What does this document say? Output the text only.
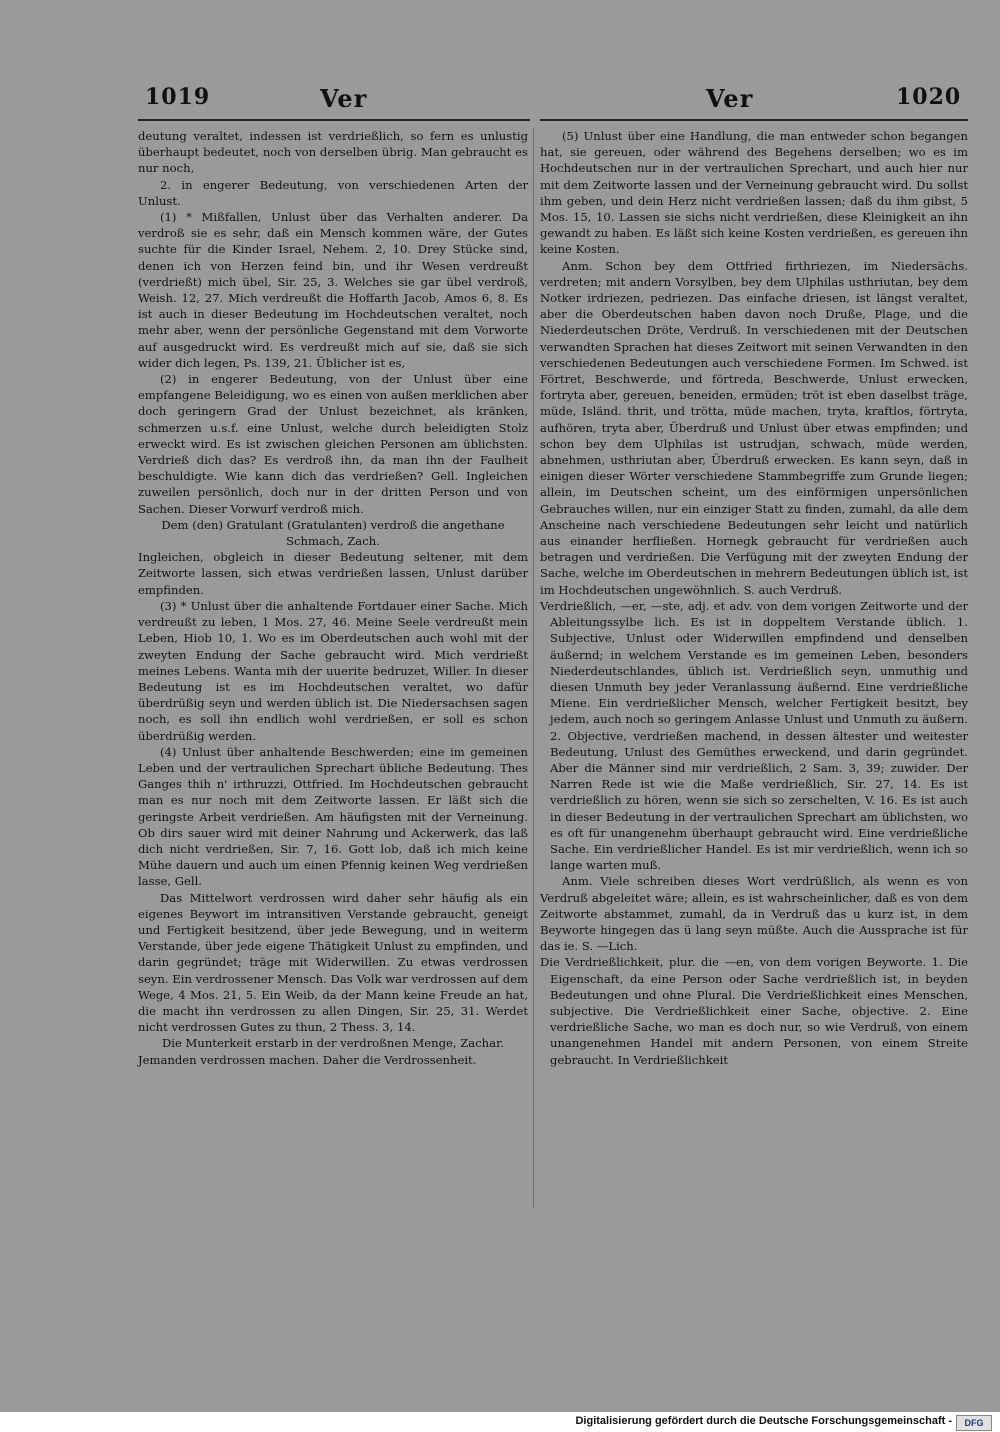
1019	Ver	Ver	1020

deutung veraltet, indessen ist verdrießlich, so fern es unlustig überhaupt bedeutet, noch von derselben übrig. Man gebraucht es nur noch,

2. in engerer Bedeutung, von verschiedenen Arten der Unlust.

(1) * Mißfallen, Unlust über das Verhalten anderer. Da verdroß sie es sehr, daß ein Mensch kommen wäre, der Gutes suchte für die Kinder Israel, Nehem. 2, 10. Drey Stücke sind, denen ich von Herzen feind bin, und ihr Wesen verdreußt (verdrießt) mich übel, Sir. 25, 3. Welches sie gar übel verdroß, Weish. 12, 27. Mich verdreußt die Hoffarth Jacob, Amos 6, 8. Es ist auch in dieser Bedeutung im Hochdeutschen veraltet, noch mehr aber, wenn der persönliche Gegenstand mit dem Vorworte auf ausgedruckt wird. Es verdreußt mich auf sie, daß sie sich wider dich legen, Ps. 139, 21. Üblicher ist es,

(2) in engerer Bedeutung, von der Unlust über eine empfangene Beleidigung, wo es einen von außen merklichen aber doch geringern Grad der Unlust bezeichnet, als kränken, schmerzen u.s.f. eine Unlust, welche durch beleidigten Stolz erweckt wird. Es ist zwischen gleichen Personen am üblichsten. Verdrieß dich das? Es verdroß ihn, da man ihn der Faulheit beschuldigte. Wie kann dich das verdrießen? Gell. Ingleichen zuweilen persönlich, doch nur in der dritten Person und von Sachen. Dieser Vorwurf verdroß mich.

Dem (den) Gratulant (Gratulanten) verdroß die angethane Schmach, Zach.

Ingleichen, obgleich in dieser Bedeutung seltener, mit dem Zeitworte lassen, sich etwas verdrießen lassen, Unlust darüber empfinden.

(3) * Unlust über die anhaltende Fortdauer einer Sache. Mich verdreußt zu leben, 1 Mos. 27, 46. Meine Seele verdreußt mein Leben, Hiob 10, 1. Wo es im Oberdeutschen auch wohl mit der zweyten Endung der Sache gebraucht wird. Mich verdrießt meines Lebens. Wanta mih der uuerite bedruzet, Willer. In dieser Bedeutung ist es im Hochdeutschen veraltet, wo dafür überdrüßig seyn und werden üblich ist. Die Niedersachsen sagen noch, es soll ihn endlich wohl verdrießen, er soll es schon überdrüßig werden.

(4) Unlust über anhaltende Beschwerden; eine im gemeinen Leben und der vertraulichen Sprechart übliche Bedeutung. Thes Ganges thih n' irthruzzi, Ottfried. Im Hochdeutschen gebraucht man es nur noch mit dem Zeitworte lassen. Er läßt sich die geringste Arbeit verdrießen. Am häufigsten mit der Verneinung. Ob dirs sauer wird mit deiner Nahrung und Ackerwerk, das laß dich nicht verdrießen, Sir. 7, 16. Gott lob, daß ich mich keine Mühe dauern und auch um einen Pfennig keinen Weg verdrießen lasse, Gell.

Das Mittelwort verdrossen wird daher sehr häufig als ein eigenes Beywort im intransitiven Verstande gebraucht, geneigt und Fertigkeit besitzend, über jede Bewegung, und in weiterm Verstande, über jede eigene Thätigkeit Unlust zu empfinden, und darin gegründet; träge mit Widerwillen. Zu etwas verdrossen seyn. Ein verdrossener Mensch. Das Volk war verdrossen auf dem Wege, 4 Mos. 21, 5. Ein Weib, da der Mann keine Freude an hat, die macht ihn verdrossen zu allen Dingen, Sir. 25, 31. Werdet nicht verdrossen Gutes zu thun, 2 Thess. 3, 14.

Die Munterkeit erstarb in der verdroßnen Menge, Zachar.

Jemanden verdrossen machen. Daher die Verdrossenheit.

(5) Unlust über eine Handlung, die man entweder schon begangen hat, sie gereuen, oder während des Begehens derselben; wo es im Hochdeutschen nur in der vertraulichen Sprechart, und auch hier nur mit dem Zeitworte lassen und der Verneinung gebraucht wird. Du sollst ihm geben, und dein Herz nicht verdrießen lassen; daß du ihm gibst, 5 Mos. 15, 10. Lassen sie sichs nicht verdrießen, diese Kleinigkeit an ihn gewandt zu haben. Es läßt sich keine Kosten verdrießen, es gereuen ihn keine Kosten.

Anm. Schon bey dem Ottfried firthriezen, im Niedersächs. verdreten; mit andern Vorsylben, bey dem Ulphilas usthriutan, bey dem Notker irdriezen, pedriezen. Das einfache driesen, ist längst veraltet, aber die Oberdeutschen haben davon noch Druße, Plage, und die Niederdeutschen Dröte, Verdruß. In verschiedenen mit der Deutschen verwandten Sprachen hat dieses Zeitwort mit seinen Verwandten in den verschiedenen Bedeutungen auch verschiedene Formen. Im Schwed. ist Förtret, Beschwerde, und förtreda, Beschwerde, Unlust erwecken, fortryta aber, gereuen, beneiden, ermüden; tröt ist eben daselbst träge, müde, Isländ. thrit, und trötta, müde machen, tryta, kraftlos, förtryta, aufhören, tryta aber, Überdruß und Unlust über etwas empfinden; und schon bey dem Ulphilas ist ustrudjan, schwach, müde werden, abnehmen, usthriutan aber, Überdruß erwecken. Es kann seyn, daß in einigen dieser Wörter verschiedene Stammbegriffe zum Grunde liegen; allein, im Deutschen scheint, um des einförmigen unpersönlichen Gebrauches willen, nur ein einziger Statt zu finden, zumahl, da alle dem Anscheine nach verschiedene Bedeutungen sehr leicht und natürlich aus einander herfließen. Hornegk gebraucht für verdrießen auch betragen und verdrießen. Die Verfügung mit der zweyten Endung der Sache, welche im Oberdeutschen in mehrern Bedeutungen üblich ist, ist im Hochdeutschen ungewöhnlich. S. auch Verdruß.

Verdrießlich, —er, —ste, adj. et adv. von dem vorigen Zeitworte und der Ableitungssylbe lich. Es ist in doppeltem Verstande üblich. 1. Subjective, Unlust oder Widerwillen empfindend und denselben äußernd; in welchem Verstande es im gemeinen Leben, besonders Niederdeutschlandes, üblich ist. Verdrießlich seyn, unmuthig und diesen Unmuth bey jeder Veranlassung äußernd. Eine verdrießliche Miene. Ein verdrießlicher Mensch, welcher Fertigkeit besitzt, bey jedem, auch noch so geringem Anlasse Unlust und Unmuth zu äußern. 2. Objective, verdrießen machend, in dessen ältester und weitester Bedeutung, Unlust des Gemüthes erweckend, und darin gegründet. Aber die Männer sind mir verdrießlich, 2 Sam. 3, 39; zuwider. Der Narren Rede ist wie die Maße verdrießlich, Sir. 27, 14. Es ist verdrießlich zu hören, wenn sie sich so zerschelten, V. 16. Es ist auch in dieser Bedeutung in der vertraulichen Sprechart am üblichsten, wo es oft für unangenehm überhaupt gebraucht wird. Eine verdrießliche Sache. Ein verdrießlicher Handel. Es ist mir verdrießlich, wenn ich so lange warten muß.

Anm. Viele schreiben dieses Wort verdrüßlich, als wenn es von Verdruß abgeleitet wäre; allein, es ist wahrscheinlicher, daß es von dem Zeitworte abstammet, zumahl, da in Verdruß das u kurz ist, in dem Beyworte hingegen das ü lang seyn müßte. Auch die Aussprache ist für das ie. S. —Lich.

Die Verdrießlichkeit, plur. die —en, von dem vorigen Beyworte. 1. Die Eigenschaft, da eine Person oder Sache verdrießlich ist, in beyden Bedeutungen und ohne Plural. Die Verdrießlichkeit eines Menschen, subjective. Die Verdrießlichkeit einer Sache, objective. 2. Eine verdrießliche Sache, wo man es doch nur, so wie Verdruß, von einem unangenehmen Handel mit andern Personen, von einem Streite gebraucht. In Verdrießlichkeit

Digitalisierung gefördert durch die Deutsche Forschungsgemeinschaft -	DFG
